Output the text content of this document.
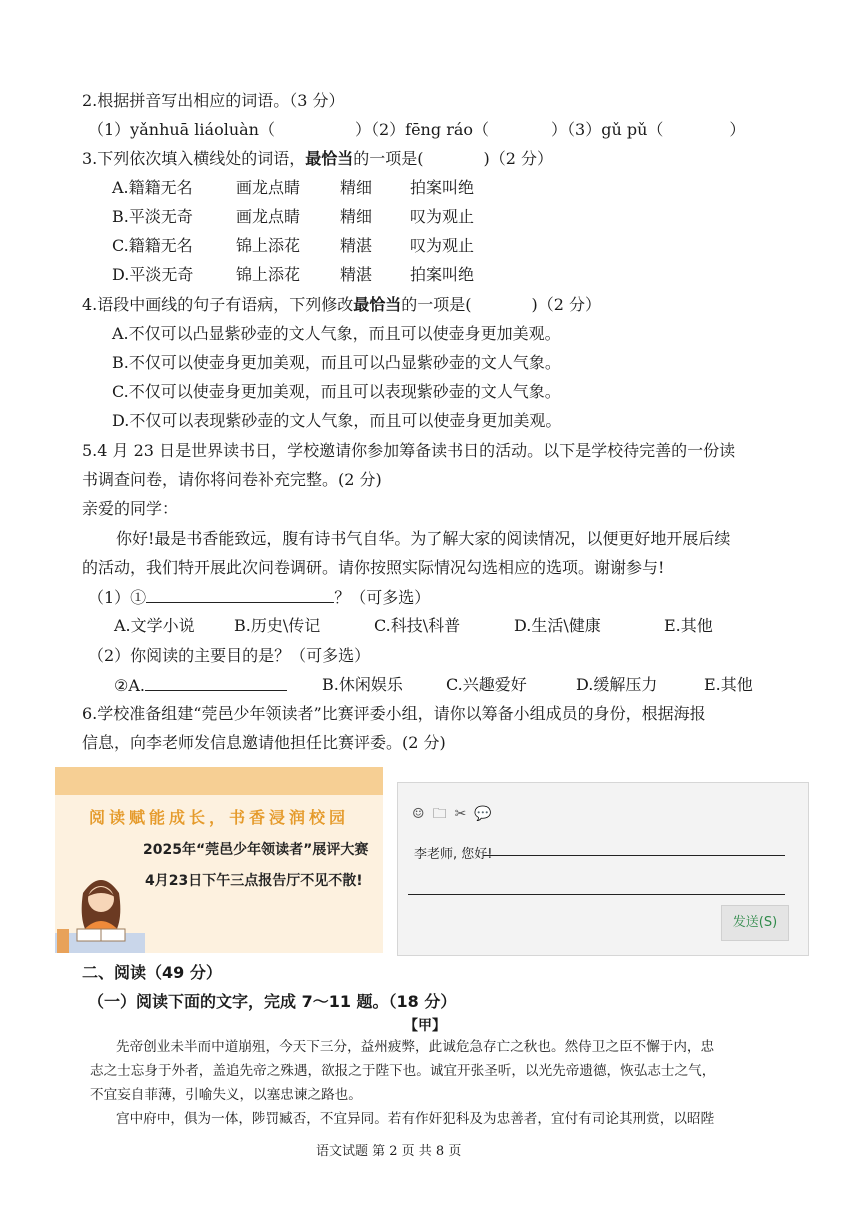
2.根据拼音写出相应的词语。（3 分）
（1）yǎnhuā liáoluàn（	）（2）fēng ráo（	）（3）gǔ pǔ（	）
3.下列依次填入横线处的词语，最恰当的一项是(	)（2 分）
A.籍籍无名	画龙点睛 精细 拍案叫绝
B.平淡无奇	画龙点睛 精细 叹为观止
C.籍籍无名	锦上添花 精湛 叹为观止
D.平淡无奇	锦上添花 精湛 拍案叫绝
4.语段中画线的句子有语病，下列修改最恰当的一项是(	)（2 分）
A.不仅可以凸显紫砂壶的文人气象，而且可以使壶身更加美观。
B.不仅可以使壶身更加美观，而且可以凸显紫砂壶的文人气象。
C.不仅可以使壶身更加美观，而且可以表现紫砂壶的文人气象。
D.不仅可以表现紫砂壶的文人气象，而且可以使壶身更加美观。
5.4 月 23 日是世界读书日，学校邀请你参加筹备读书日的活动。以下是学校待完善的一份读
书调查问卷，请你将问卷补充完整。(2 分)
亲爱的同学：
你好!最是书香能致远，腹有诗书气自华。为了解大家的阅读情况，以便更好地开展后续
的活动，我们特开展此次问卷调研。请你按照实际情况勾选相应的选项。谢谢参与!
（1）①	？（可多选）
A.文学小说 B.历史\传记	C.科技\科普	D.生活\健康	E.其他
（2）你阅读的主要目的是？（可多选）
②A.	B.休闲娱乐	C.兴趣爱好	D.缓解压力	E.其他
6.学校准备组建“莞邑少年领读者”比赛评委小组，请你以筹备小组成员的身份，根据海报
信息，向李老师发信息邀请他担任比赛评委。(2 分)
阅读赋能成长，书香浸润校园
2025年“莞邑少年领读者”展评大赛
4月23日下午三点报告厅不见不散!
☺ 🗀 ✂ 💬
李老师, 您好!
发送(S)
二、阅读（49 分）
（一）阅读下面的文字，完成 7～11 题。（18 分）
【甲】
先帝创业未半而中道崩殂，今天下三分，益州疲弊，此诚危急存亡之秋也。然侍卫之臣不懈于内，忠
志之士忘身于外者，盖追先帝之殊遇，欲报之于陛下也。诚宜开张圣听，以光先帝遗德，恢弘志士之气，
不宜妄自菲薄，引喻失义，以塞忠谏之路也。
宫中府中，俱为一体，陟罚臧否，不宜异同。若有作奸犯科及为忠善者，宜付有司论其刑赏，以昭陛
语文试题 第 2 页 共 8 页
